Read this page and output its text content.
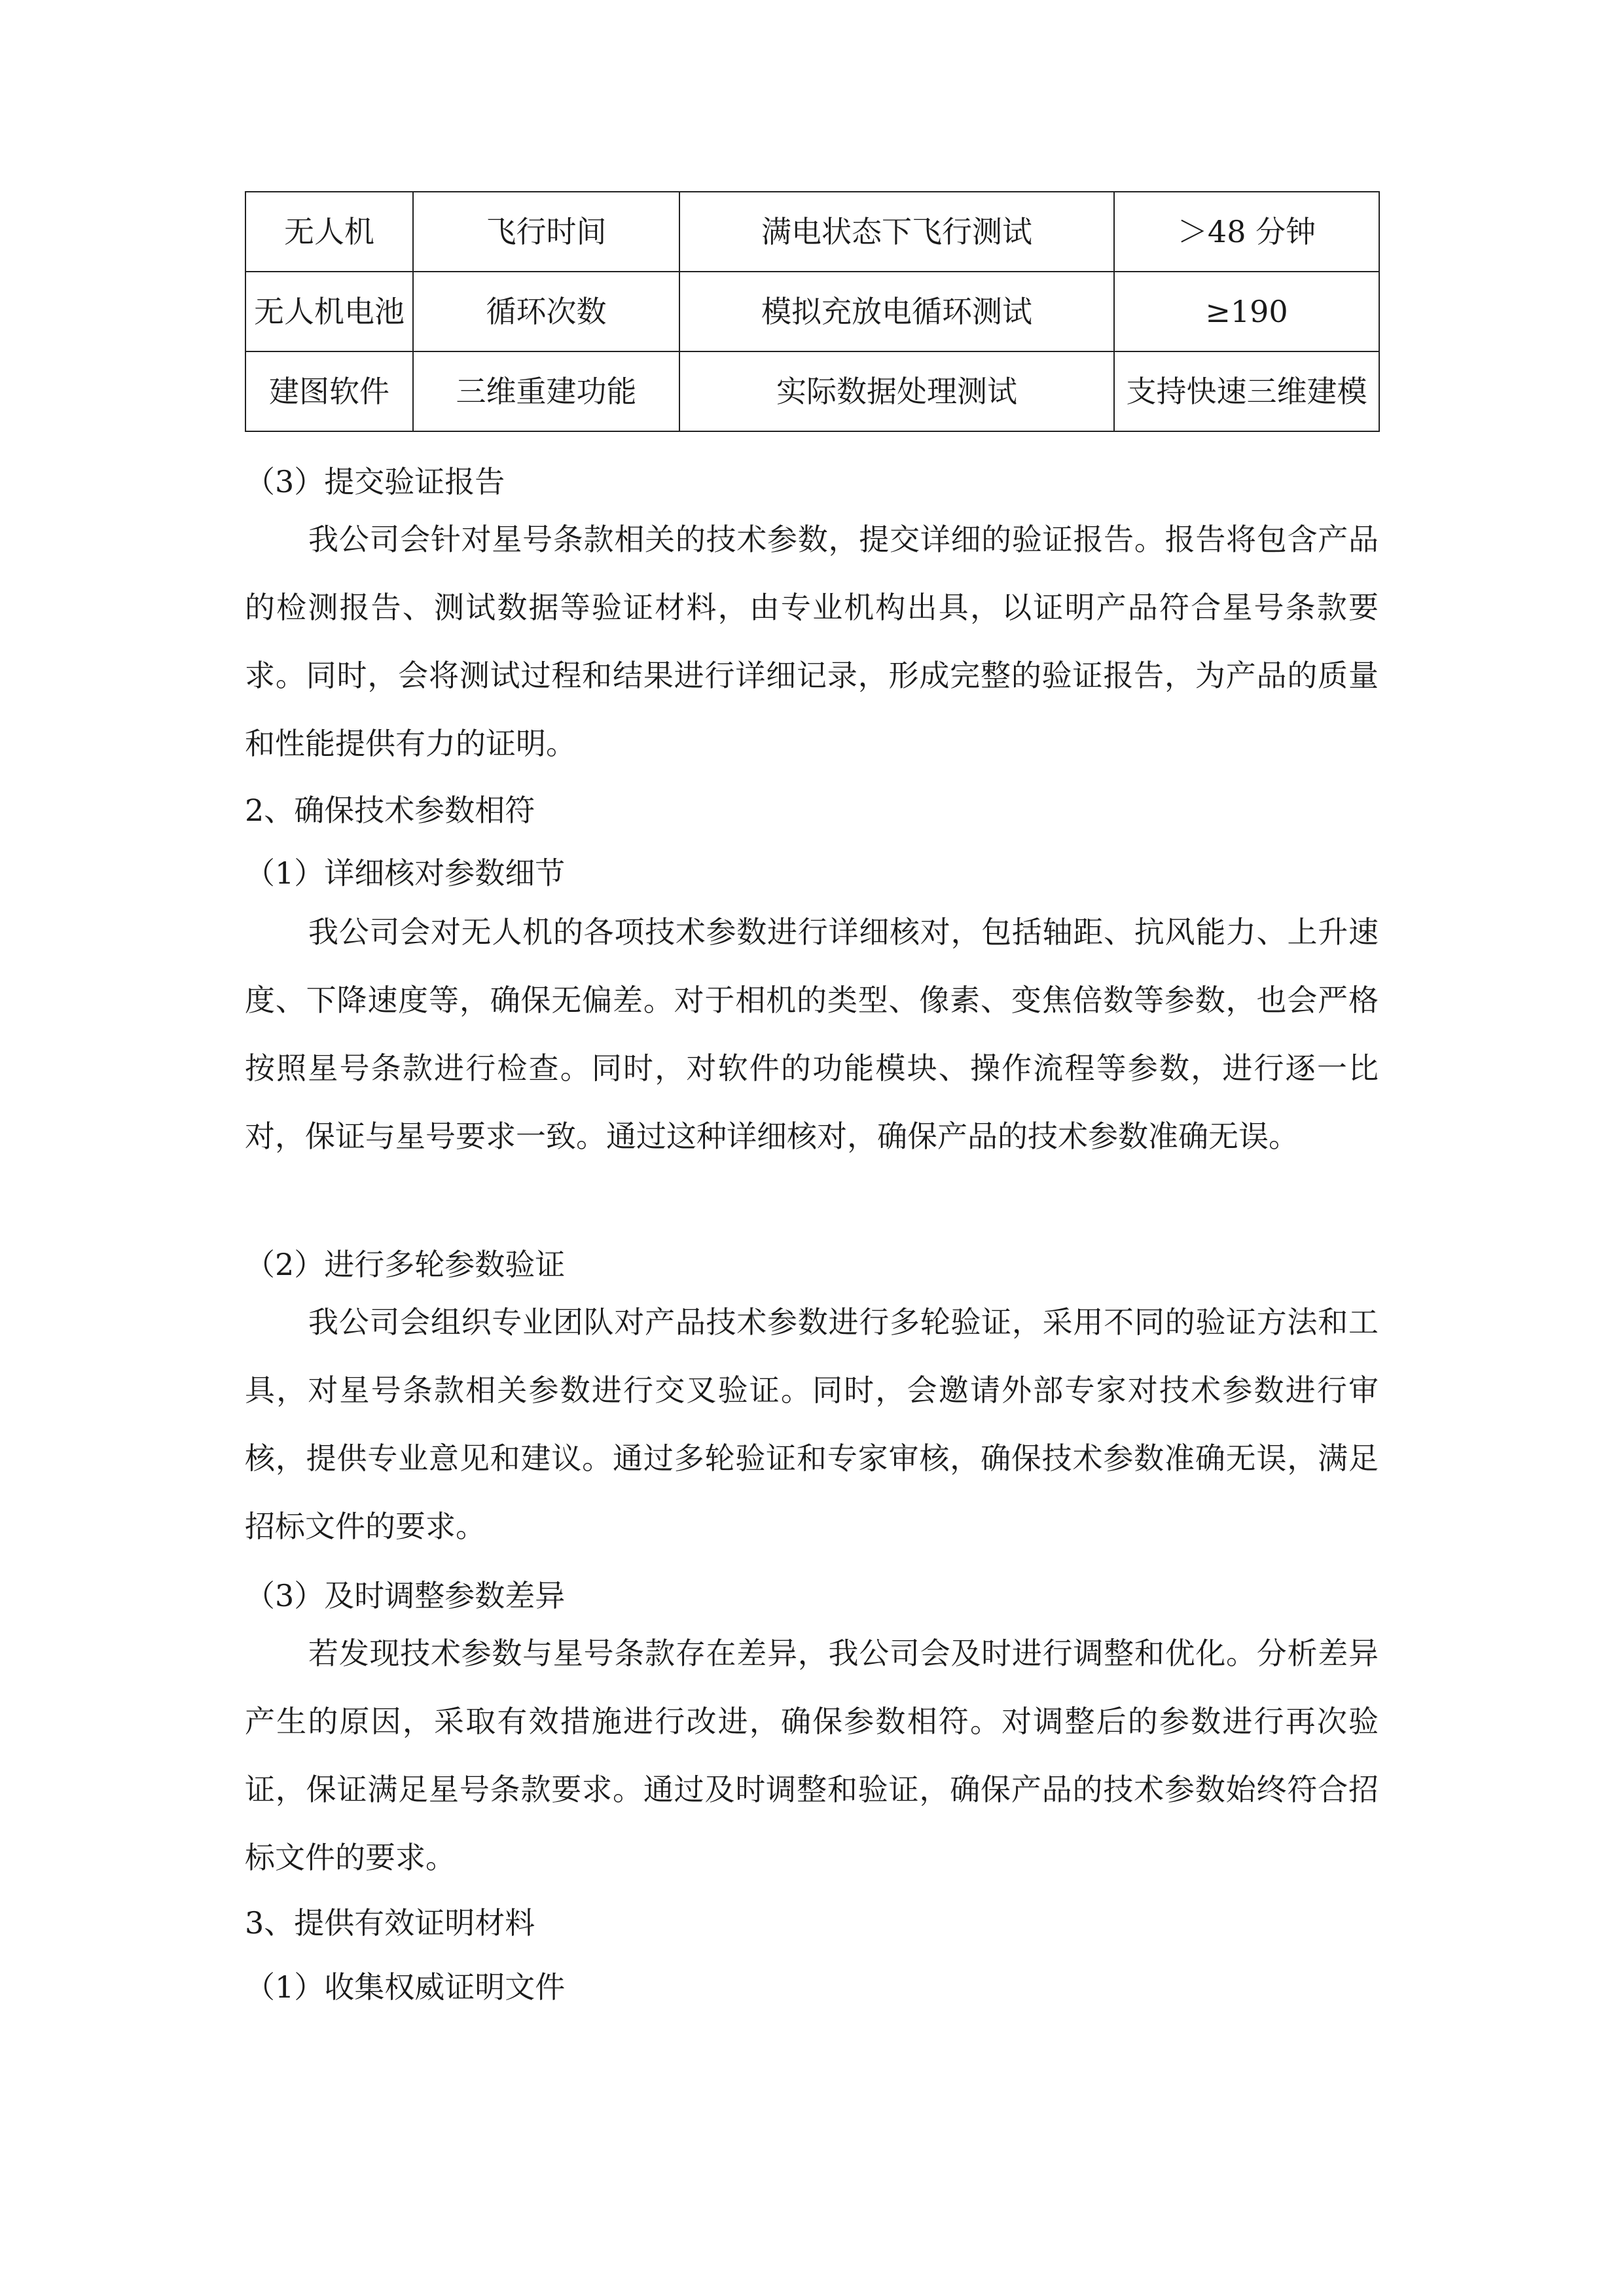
无人机	飞行时间	满电状态下飞行测试	＞48 分钟
无人机电池	循环次数	模拟充放电循环测试	≥190
建图软件	三维重建功能	实际数据处理测试	支持快速三维建模
（3）提交验证报告

我公司会针对星号条款相关的技术参数，提交详细的验证报告。报告将包含产品的检测报告、测试数据等验证材料，由专业机构出具，以证明产品符合星号条款要求。同时，会将测试过程和结果进行详细记录，形成完整的验证报告，为产品的质量和性能提供有力的证明。

2、确保技术参数相符
（1）详细核对参数细节

我公司会对无人机的各项技术参数进行详细核对，包括轴距、抗风能力、上升速度、下降速度等，确保无偏差。对于相机的类型、像素、变焦倍数等参数，也会严格按照星号条款进行检查。同时，对软件的功能模块、操作流程等参数，进行逐一比对，保证与星号要求一致。通过这种详细核对，确保产品的技术参数准确无误。

（2）进行多轮参数验证

我公司会组织专业团队对产品技术参数进行多轮验证，采用不同的验证方法和工具，对星号条款相关参数进行交叉验证。同时，会邀请外部专家对技术参数进行审核，提供专业意见和建议。通过多轮验证和专家审核，确保技术参数准确无误，满足招标文件的要求。

（3）及时调整参数差异

若发现技术参数与星号条款存在差异，我公司会及时进行调整和优化。分析差异产生的原因，采取有效措施进行改进，确保参数相符。对调整后的参数进行再次验证，保证满足星号条款要求。通过及时调整和验证，确保产品的技术参数始终符合招标文件的要求。

3、提供有效证明材料
（1）收集权威证明文件
